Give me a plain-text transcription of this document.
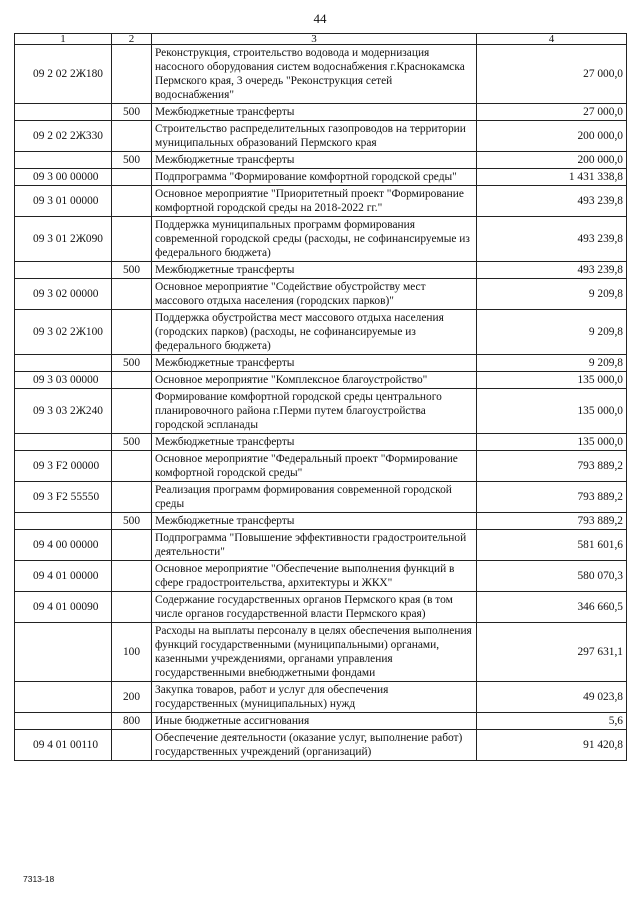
44
1	2	3	4
09 2 02 2Ж180		Реконструкция, строительство водовода и модернизация насосного оборудования систем водоснабжения г.Краснокамска Пермского края, 3 очередь "Реконструкция сетей водоснабжения"	27 000,0
	500	Межбюджетные трансферты	27 000,0
09 2 02 2Ж330		Строительство распределительных газопроводов на территории муниципальных образований Пермского края	200 000,0
	500	Межбюджетные трансферты	200 000,0
09 3 00 00000		Подпрограмма "Формирование комфортной городской среды"	1 431 338,8
09 3 01 00000		Основное мероприятие "Приоритетный проект "Формирование комфортной городской среды на 2018-2022 гг."	493 239,8
09 3 01 2Ж090		Поддержка муниципальных программ формирования современной городской среды (расходы, не софинансируемые из федерального бюджета)	493 239,8
	500	Межбюджетные трансферты	493 239,8
09 3 02 00000		Основное мероприятие "Содействие обустройству мест массового отдыха населения (городских парков)"	9 209,8
09 3 02 2Ж100		Поддержка обустройства мест массового отдыха населения (городских парков) (расходы, не софинансируемые из федерального бюджета)	9 209,8
	500	Межбюджетные трансферты	9 209,8
09 3 03 00000		Основное мероприятие "Комплексное благоустройство"	135 000,0
09 3 03 2Ж240		Формирование комфортной городской среды центрального планировочного района г.Перми путем благоустройства городской эспланады	135 000,0
	500	Межбюджетные трансферты	135 000,0
09 3 F2 00000		Основное мероприятие "Федеральный проект "Формирование комфортной городской среды"	793 889,2
09 3 F2 55550		Реализация программ формирования современной городской среды	793 889,2
	500	Межбюджетные трансферты	793 889,2
09 4 00 00000		Подпрограмма "Повышение эффективности градостроительной деятельности"	581 601,6
09 4 01 00000		Основное мероприятие "Обеспечение выполнения функций в сфере градостроительства, архитектуры и ЖКХ"	580 070,3
09 4 01 00090		Содержание государственных органов Пермского края (в том числе органов государственной власти Пермского края)	346 660,5
	100	Расходы на выплаты персоналу в целях обеспечения выполнения функций государственными (муниципальными) органами, казенными учреждениями, органами управления государственными внебюджетными фондами	297 631,1
	200	Закупка товаров, работ и услуг для обеспечения государственных (муниципальных) нужд	49 023,8
	800	Иные бюджетные ассигнования	5,6
09 4 01 00110		Обеспечение деятельности (оказание услуг, выполнение работ) государственных учреждений (организаций)	91 420,8
7313-18
